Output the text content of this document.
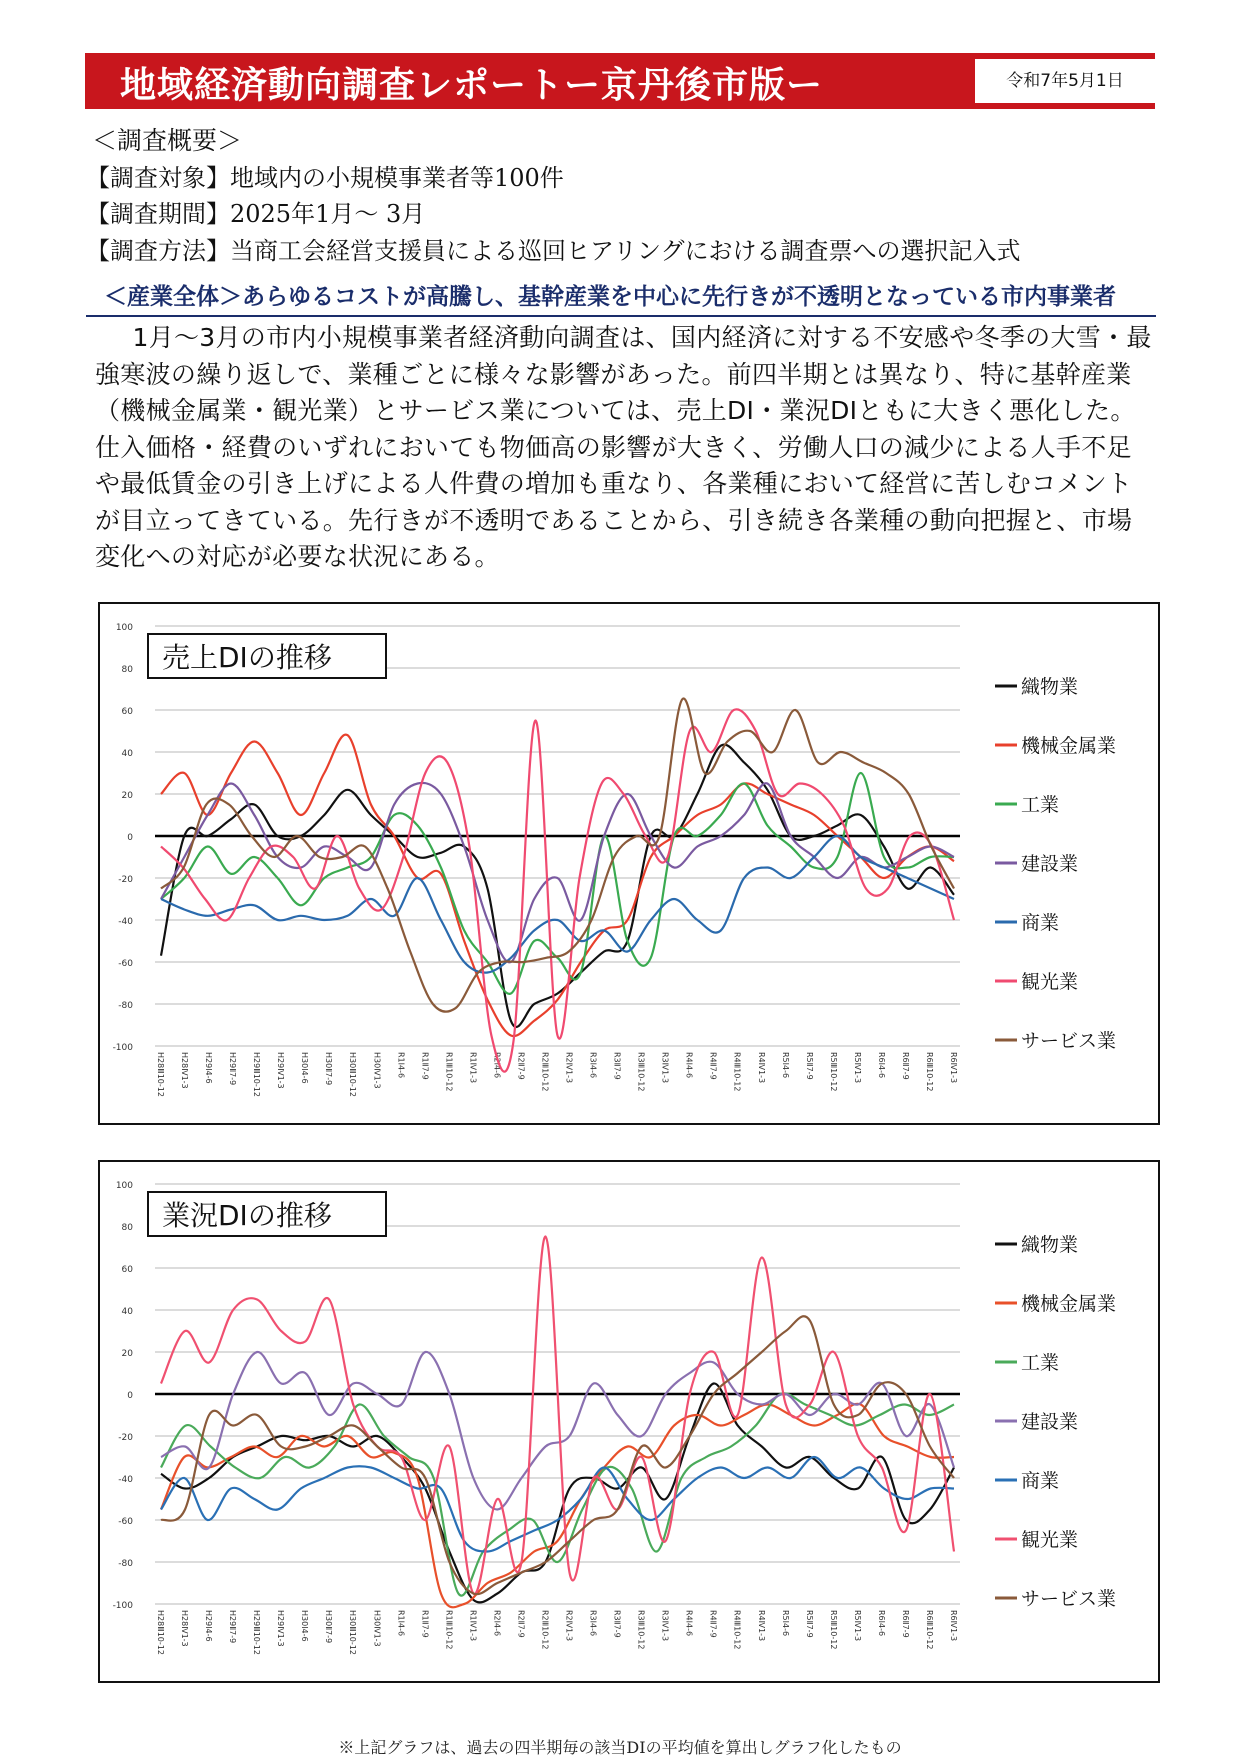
地域経済動向調査レポートー京丹後市版ー	令和7年5月1日
＜調査概要＞
【調査対象】地域内の小規模事業者等100件
【調査期間】2025年1月～ 3月
【調査方法】当商工会経営支援員による巡回ヒアリングにおける調査票への選択記入式
＜産業全体＞あらゆるコストが高騰し、基幹産業を中心に先行きが不透明となっている市内事業者

1月～3月の市内小規模事業者経済動向調査は、国内経済に対する不安感や冬季の大雪・最強寒波の繰り返しで、業種ごとに様々な影響があった。前四半期とは異なり、特に基幹産業（機械金属業・観光業）とサービス業については、売上DI・業況DIともに大きく悪化した。仕入価格・経費のいずれにおいても物価高の影響が大きく、労働人口の減少による人手不足や最低賃金の引き上げによる人件費の増加も重なり、各業種において経営に苦しむコメントが目立ってきている。先行きが不透明であることから、引き続き各業種の動向把握と、市場変化への対応が必要な状況にある。

100
80
60
40
20
0
-20
-40
-60
-80
-100
H28Ⅲ10-12 H28Ⅳ1-3 H29Ⅰ4-6 H29Ⅱ7-9 H29Ⅲ10-12 H29Ⅳ1-3 H30Ⅰ4-6 H30Ⅱ7-9 H30Ⅲ10-12 H30Ⅳ1-3 R1Ⅰ4-6 R1Ⅱ7-9 R1Ⅲ10-12 R1Ⅳ1-3 R2Ⅰ4-6 R2Ⅱ7-9 R2Ⅲ10-12 R2Ⅳ1-3 R3Ⅰ4-6 R3Ⅱ7-9 R3Ⅲ10-12 R3Ⅳ1-3 R4Ⅰ4-6 R4Ⅱ7-9 R4Ⅲ10-12 R4Ⅳ1-3 R5Ⅰ4-6 R5Ⅱ7-9 R5Ⅲ10-12 R5Ⅳ1-3 R6Ⅰ4-6 R6Ⅱ7-9 R6Ⅲ10-12 R6Ⅳ1-3
売上DIの推移
織物業
機械金属業
工業
建設業
商業
観光業
サービス業
100
80
60
40
20
0
-20
-40
-60
-80
-100
H28Ⅲ10-12 H28Ⅳ1-3 H29Ⅰ4-6 H29Ⅱ7-9 H29Ⅲ10-12 H29Ⅳ1-3 H30Ⅰ4-6 H30Ⅱ7-9 H30Ⅲ10-12 H30Ⅳ1-3 R1Ⅰ4-6 R1Ⅱ7-9 R1Ⅲ10-12 R1Ⅳ1-3 R2Ⅰ4-6 R2Ⅱ7-9 R2Ⅲ10-12 R2Ⅳ1-3 R3Ⅰ4-6 R3Ⅱ7-9 R3Ⅲ10-12 R3Ⅳ1-3 R4Ⅰ4-6 R4Ⅱ7-9 R4Ⅲ10-12 R4Ⅳ1-3 R5Ⅰ4-6 R5Ⅱ7-9 R5Ⅲ10-12 R5Ⅳ1-3 R6Ⅰ4-6 R6Ⅱ7-9 R6Ⅲ10-12 R6Ⅳ1-3
業況DIの推移
織物業
機械金属業
工業
建設業
商業
観光業
サービス業
※上記グラフは、過去の四半期毎の該当DIの平均値を算出しグラフ化したもの
